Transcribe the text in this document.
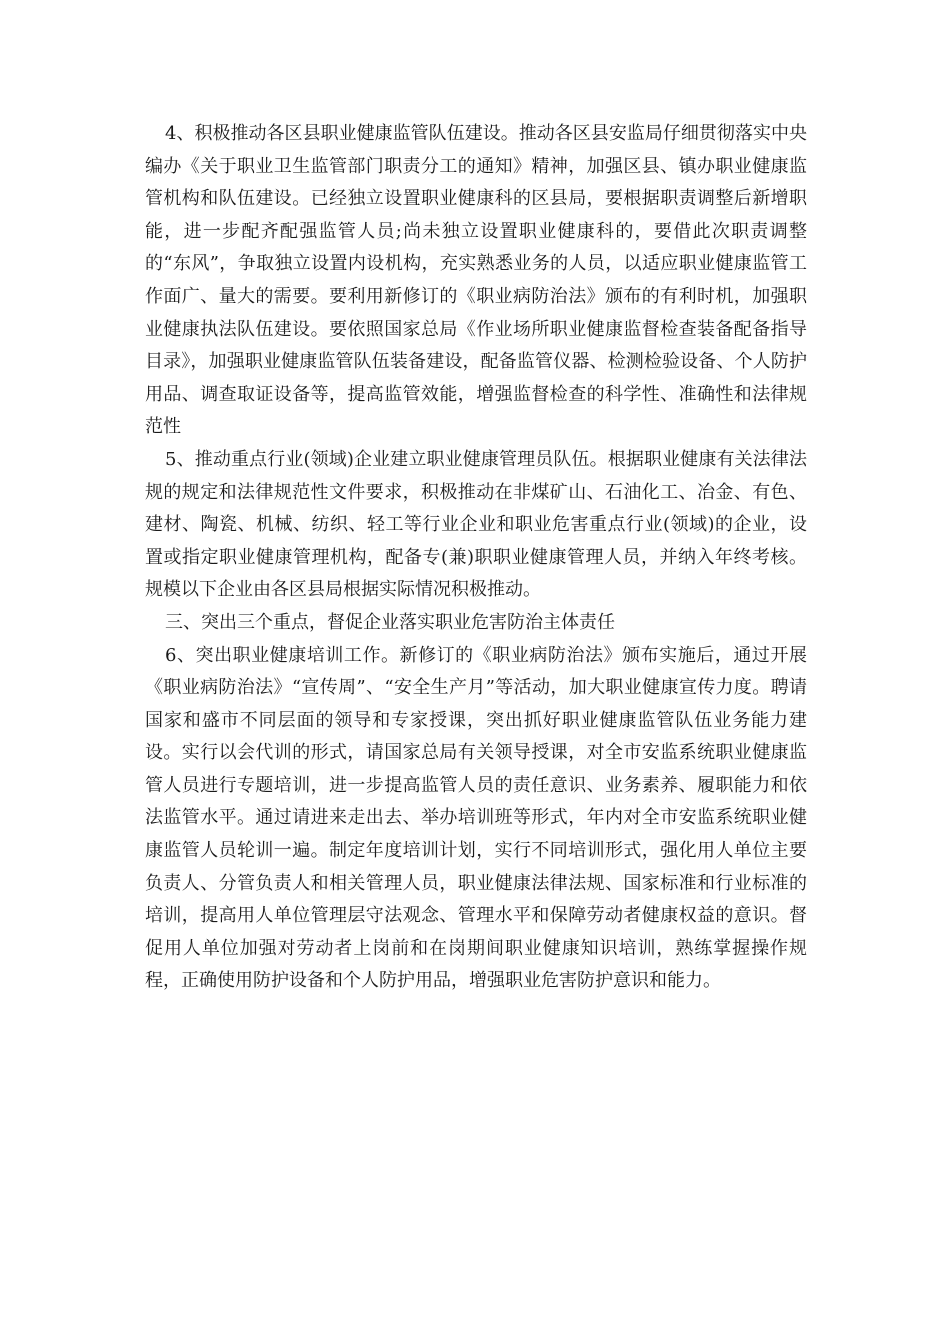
4、积极推动各区县职业健康监管队伍建设。推动各区县安监局仔细贯彻落实中央编办《关于职业卫生监管部门职责分工的通知》精神，加强区县、镇办职业健康监管机构和队伍建设。已经独立设置职业健康科的区县局，要根据职责调整后新增职能，进一步配齐配强监管人员;尚未独立设置职业健康科的，要借此次职责调整的“东风”，争取独立设置内设机构，充实熟悉业务的人员，以适应职业健康监管工作面广、量大的需要。要利用新修订的《职业病防治法》颁布的有利时机，加强职业健康执法队伍建设。要依照国家总局《作业场所职业健康监督检查装备配备指导目录》，加强职业健康监管队伍装备建设，配备监管仪器、检测检验设备、个人防护用品、调查取证设备等，提高监管效能，增强监督检查的科学性、准确性和法律规范性

5、推动重点行业(领域)企业建立职业健康管理员队伍。根据职业健康有关法律法规的规定和法律规范性文件要求，积极推动在非煤矿山、石油化工、冶金、有色、建材、陶瓷、机械、纺织、轻工等行业企业和职业危害重点行业(领域)的企业，设置或指定职业健康管理机构，配备专(兼)职职业健康管理人员，并纳入年终考核。规模以下企业由各区县局根据实际情况积极推动。

三、突出三个重点，督促企业落实职业危害防治主体责任

6、突出职业健康培训工作。新修订的《职业病防治法》颁布实施后，通过开展《职业病防治法》“宣传周”、“安全生产月”等活动，加大职业健康宣传力度。聘请国家和盛市不同层面的领导和专家授课，突出抓好职业健康监管队伍业务能力建设。实行以会代训的形式，请国家总局有关领导授课，对全市安监系统职业健康监管人员进行专题培训，进一步提高监管人员的责任意识、业务素养、履职能力和依法监管水平。通过请进来走出去、举办培训班等形式，年内对全市安监系统职业健康监管人员轮训一遍。制定年度培训计划，实行不同培训形式，强化用人单位主要负责人、分管负责人和相关管理人员，职业健康法律法规、国家标准和行业标准的培训，提高用人单位管理层守法观念、管理水平和保障劳动者健康权益的意识。督促用人单位加强对劳动者上岗前和在岗期间职业健康知识培训，熟练掌握操作规程，正确使用防护设备和个人防护用品，增强职业危害防护意识和能力。
